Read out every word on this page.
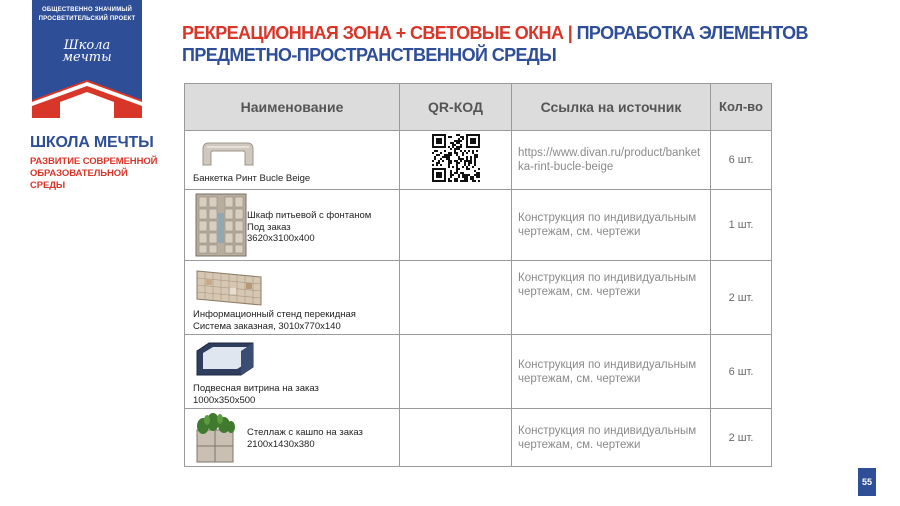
ОБЩЕСТВЕННО ЗНАЧИМЫЙ ПРОСВЕТИТЕЛЬСКИЙ ПРОЕКТ
Школа
мечты
ШКОЛА МЕЧТЫ
РАЗВИТИЕ СОВРЕМЕННОЙ ОБРАЗОВАТЕЛЬНОЙ СРЕДЫ
РЕКРЕАЦИОННАЯ ЗОНА + СВЕТОВЫЕ ОКНА | ПРОРАБОТКА ЭЛЕМЕНТОВ ПРЕДМЕТНО-ПРОСТРАНСТВЕННОЙ СРЕДЫ
Наименование	QR-КОД	Ссылка на источник	Кол-во

Банкетка Ринт Bucle Beige		https://www.divan.ru/product/banketka-rint-bucle-beige	6 шт.

Шкаф питьевой с фонтаном
Под заказ
3620x3100x400		Конструкция по индивидуальным чертежам, см. чертежи	1 шт.

Информационный стенд перекидная
Система заказная, 3010x770x140		Конструкция по индивидуальным чертежам, см. чертежи	2 шт.

Подвесная витрина на заказ
1000x350x500		Конструкция по индивидуальным чертежам, см. чертежи	6 шт.

Стеллаж с кашпо на заказ
2100x1430x380		Конструкция по индивидуальным чертежам, см. чертежи	2 шт.
55
